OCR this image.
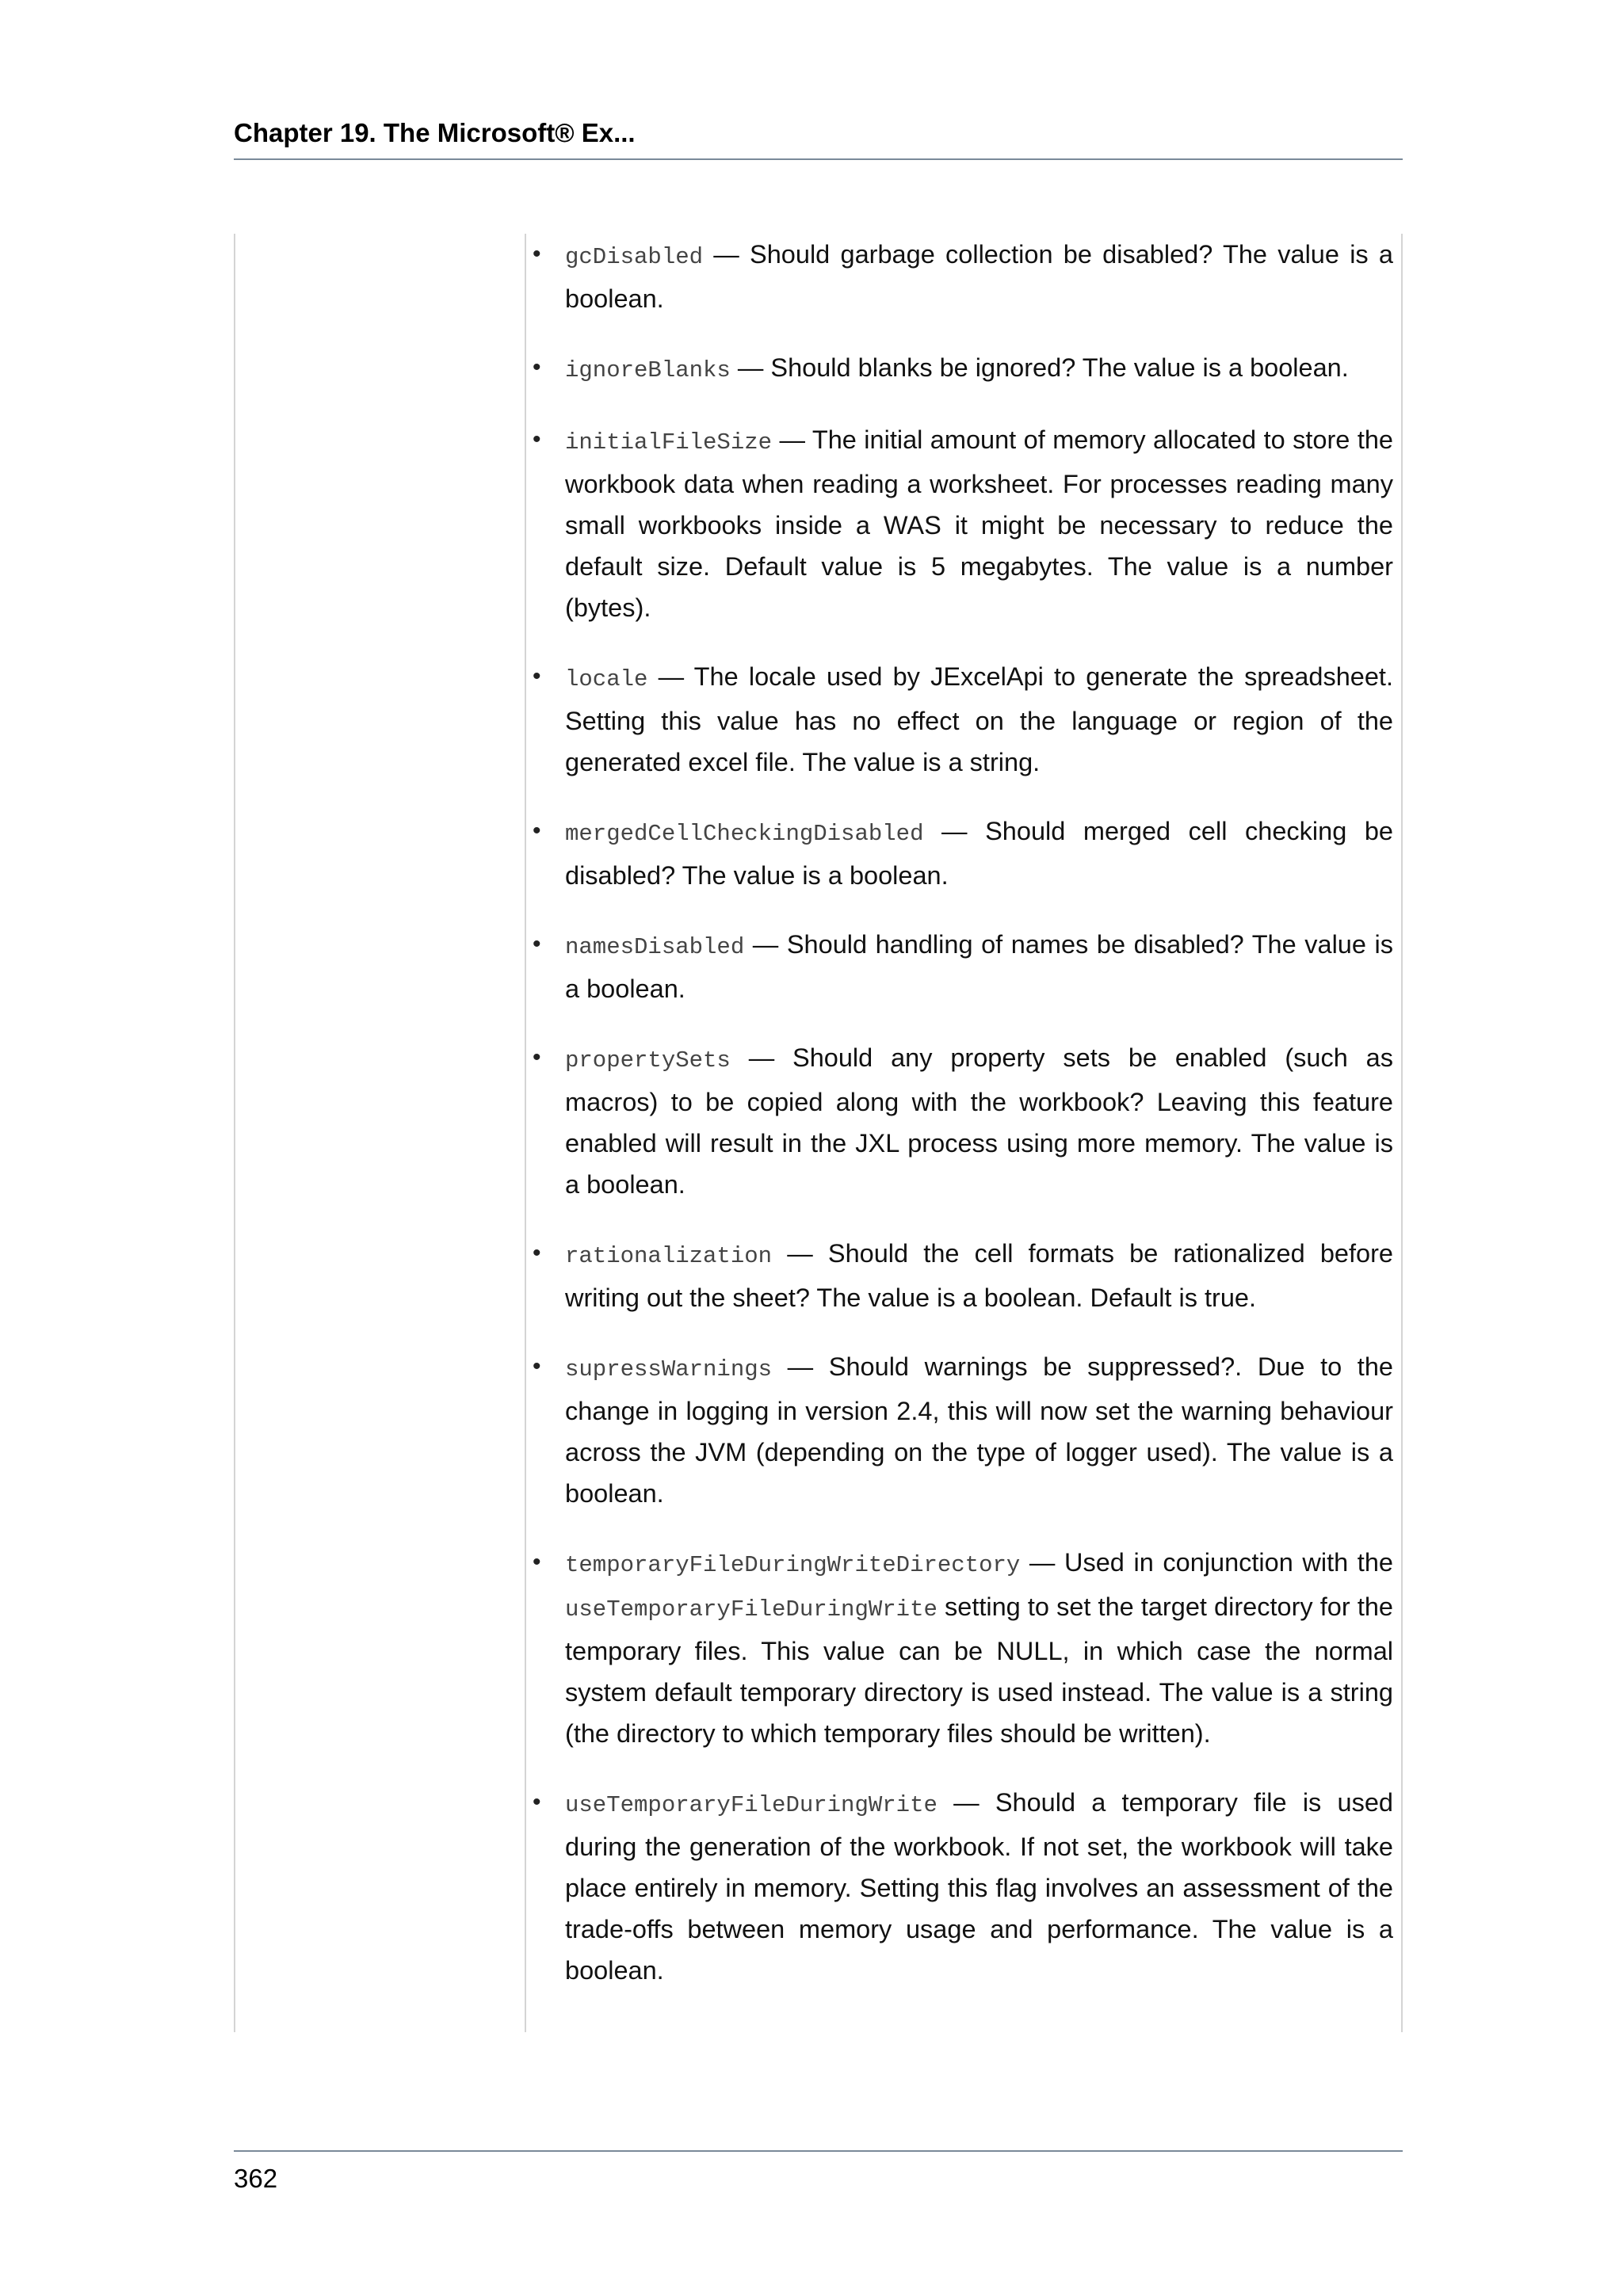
Chapter 19. The Microsoft® Ex...
• gcDisabled — Should garbage collection be disabled? The value is a boolean.
• ignoreBlanks — Should blanks be ignored? The value is a boolean.
• initialFileSize — The initial amount of memory allocated to store the workbook data when reading a worksheet. For processes reading many small workbooks inside a WAS it might be necessary to reduce the default size. Default value is 5 megabytes. The value is a number (bytes).
• locale — The locale used by JExcelApi to generate the spreadsheet. Setting this value has no effect on the language or region of the generated excel file. The value is a string.
• mergedCellCheckingDisabled — Should merged cell checking be disabled? The value is a boolean.
• namesDisabled — Should handling of names be disabled? The value is a boolean.
• propertySets — Should any property sets be enabled (such as macros) to be copied along with the workbook? Leaving this feature enabled will result in the JXL process using more memory. The value is a boolean.
• rationalization — Should the cell formats be rationalized before writing out the sheet? The value is a boolean. Default is true.
• supressWarnings — Should warnings be suppressed?. Due to the change in logging in version 2.4, this will now set the warning behaviour across the JVM (depending on the type of logger used). The value is a boolean.
• temporaryFileDuringWriteDirectory — Used in conjunction with the useTemporaryFileDuringWrite setting to set the target directory for the temporary files. This value can be NULL, in which case the normal system default temporary directory is used instead. The value is a string (the directory to which temporary files should be written).
• useTemporaryFileDuringWrite — Should a temporary file is used during the generation of the workbook. If not set, the workbook will take place entirely in memory. Setting this flag involves an assessment of the trade-offs between memory usage and performance. The value is a boolean.
362
